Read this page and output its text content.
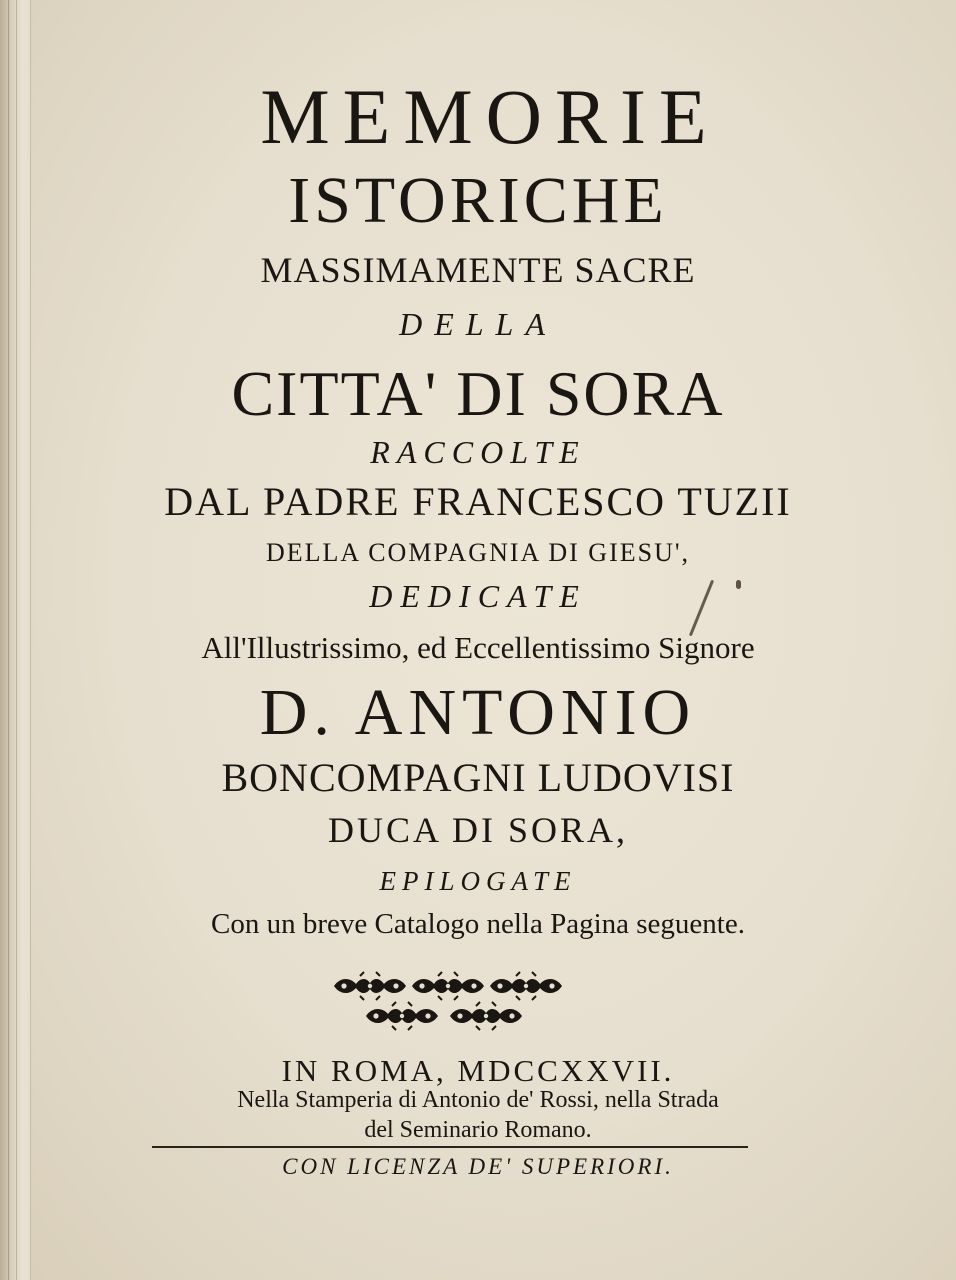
MEMORIE
ISTORICHE
MASSIMAMENTE SACRE
DELLA
CITTA' DI SORA
RACCOLTE
DAL PADRE FRANCESCO TUZII
DELLA COMPAGNIA DI GIESU',
DEDICATE
All'Illustrissimo, ed Eccellentissimo Signore
D. ANTONIO
BONCOMPAGNI LUDOVISI
DUCA DI SORA,
EPILOGATE
Con un breve Catalogo nella Pagina seguente.
IN ROMA, MDCCXXVII.
Nella Stamperia di Antonio de' Rossi, nella Strada
del Seminario Romano.
CON LICENZA DE' SUPERIORI.
